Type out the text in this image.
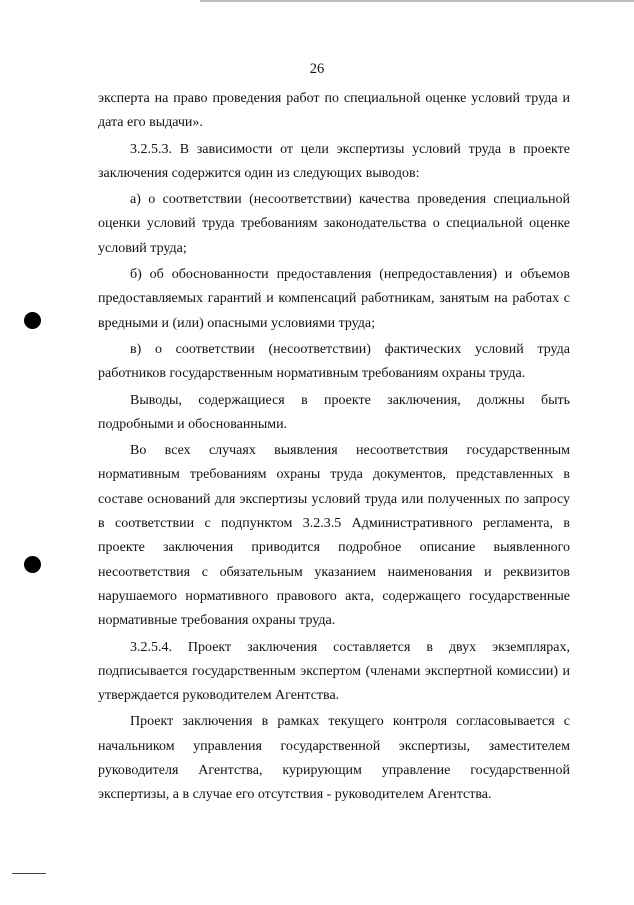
26

эксперта на право проведения работ по специальной оценке условий труда и дата его выдачи».

3.2.5.3. В зависимости от цели экспертизы условий труда в проекте заключения содержится один из следующих выводов:

а) о соответствии (несоответствии) качества проведения специальной оценки условий труда требованиям законодательства о специальной оценке условий труда;

б) об обоснованности предоставления (непредоставления) и объемов предоставляемых гарантий и компенсаций работникам, занятым на работах с вредными и (или) опасными условиями труда;

в) о соответствии (несоответствии) фактических условий труда работников государственным нормативным требованиям охраны труда.

Выводы, содержащиеся в проекте заключения, должны быть подробными и обоснованными.

Во всех случаях выявления несоответствия государственным нормативным требованиям охраны труда документов, представленных в составе оснований для экспертизы условий труда или полученных по запросу в соответствии с подпунктом 3.2.3.5 Административного регламента, в проекте заключения приводится подробное описание выявленного несоответствия с обязательным указанием наименования и реквизитов нарушаемого нормативного правового акта, содержащего государственные нормативные требования охраны труда.

3.2.5.4. Проект заключения составляется в двух экземплярах, подписывается государственным экспертом (членами экспертной комиссии) и утверждается руководителем Агентства.

Проект заключения в рамках текущего контроля согласовывается с начальником управления государственной экспертизы, заместителем руководителя Агентства, курирующим управление государственной экспертизы, а в случае его отсутствия - руководителем Агентства.
